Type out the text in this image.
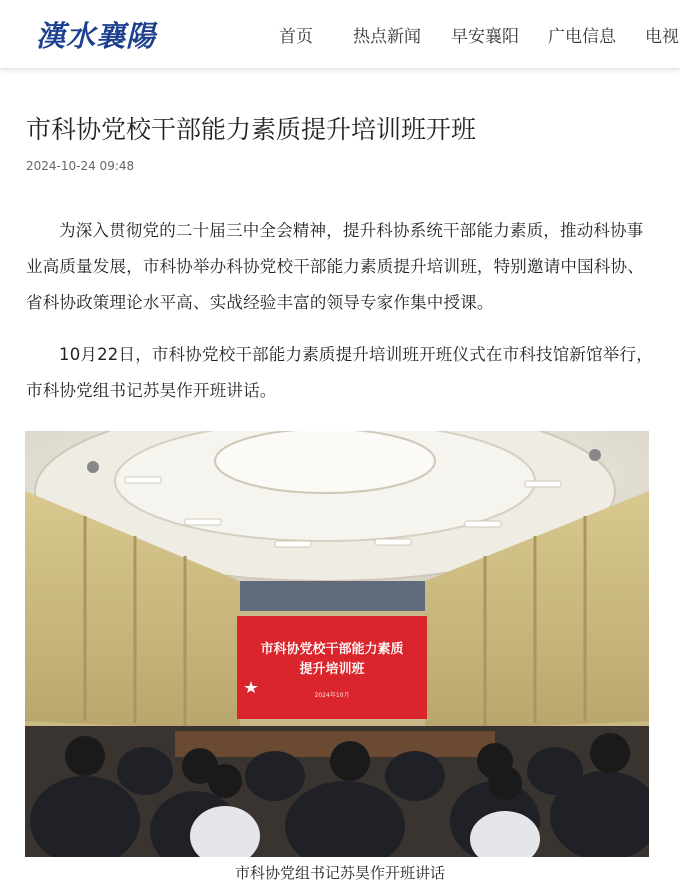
漢水襄陽	首页 热点新闻 早安襄阳 广电信息 电视
市科协党校干部能力素质提升培训班开班
2024-10-24 09:48

为深入贯彻党的二十届三中全会精神，提升科协系统干部能力素质，推动科协事业高质量发展，市科协举办科协党校干部能力素质提升培训班，特别邀请中国科协、省科协政策理论水平高、实战经验丰富的领导专家作集中授课。

10月22日，市科协党校干部能力素质提升培训班开班仪式在市科技馆新馆举行，市科协党组书记苏昊作开班讲话。

市科协党校干部能力素质
提升培训班
2024年10月
市科协党组书记苏昊作开班讲话
